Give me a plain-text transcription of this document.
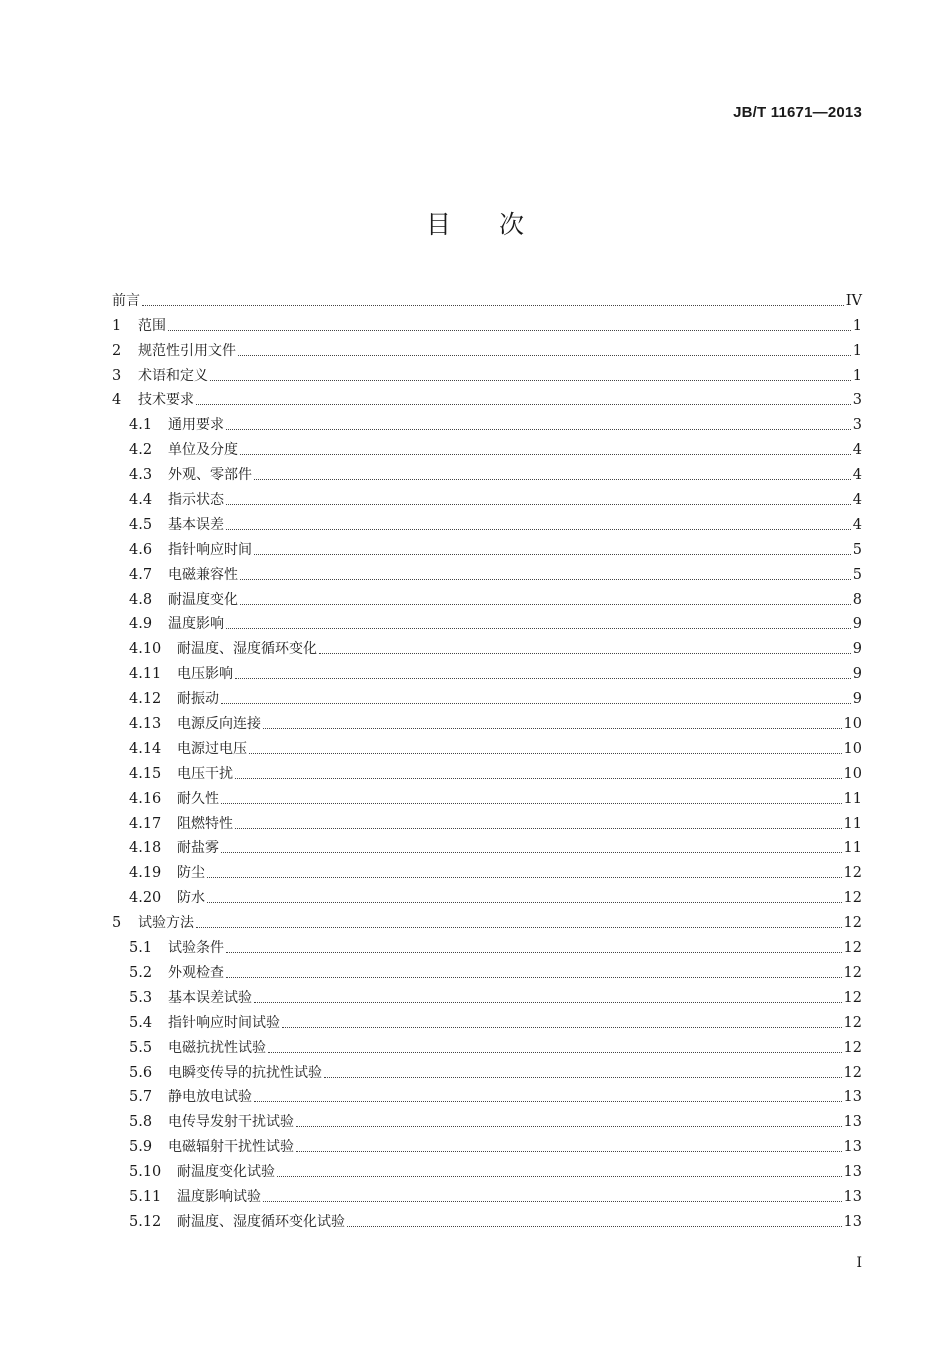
JB/T 11671—2013
目次
前言	IV
1	范围	1
2	规范性引用文件	1
3	术语和定义	1
4	技术要求	3
4.1	通用要求	3
4.2	单位及分度	4
4.3	外观、零部件	4
4.4	指示状态	4
4.5	基本误差	4
4.6	指针响应时间	5
4.7	电磁兼容性	5
4.8	耐温度变化	8
4.9	温度影响	9
4.10	耐温度、湿度循环变化	9
4.11	电压影响	9
4.12	耐振动	9
4.13	电源反向连接	10
4.14	电源过电压	10
4.15	电压干扰	10
4.16	耐久性	11
4.17	阻燃特性	11
4.18	耐盐雾	11
4.19	防尘	12
4.20	防水	12
5	试验方法	12
5.1	试验条件	12
5.2	外观检查	12
5.3	基本误差试验	12
5.4	指针响应时间试验	12
5.5	电磁抗扰性试验	12
5.6	电瞬变传导的抗扰性试验	12
5.7	静电放电试验	13
5.8	电传导发射干扰试验	13
5.9	电磁辐射干扰性试验	13
5.10	耐温度变化试验	13
5.11	温度影响试验	13
5.12	耐温度、湿度循环变化试验	13
I
